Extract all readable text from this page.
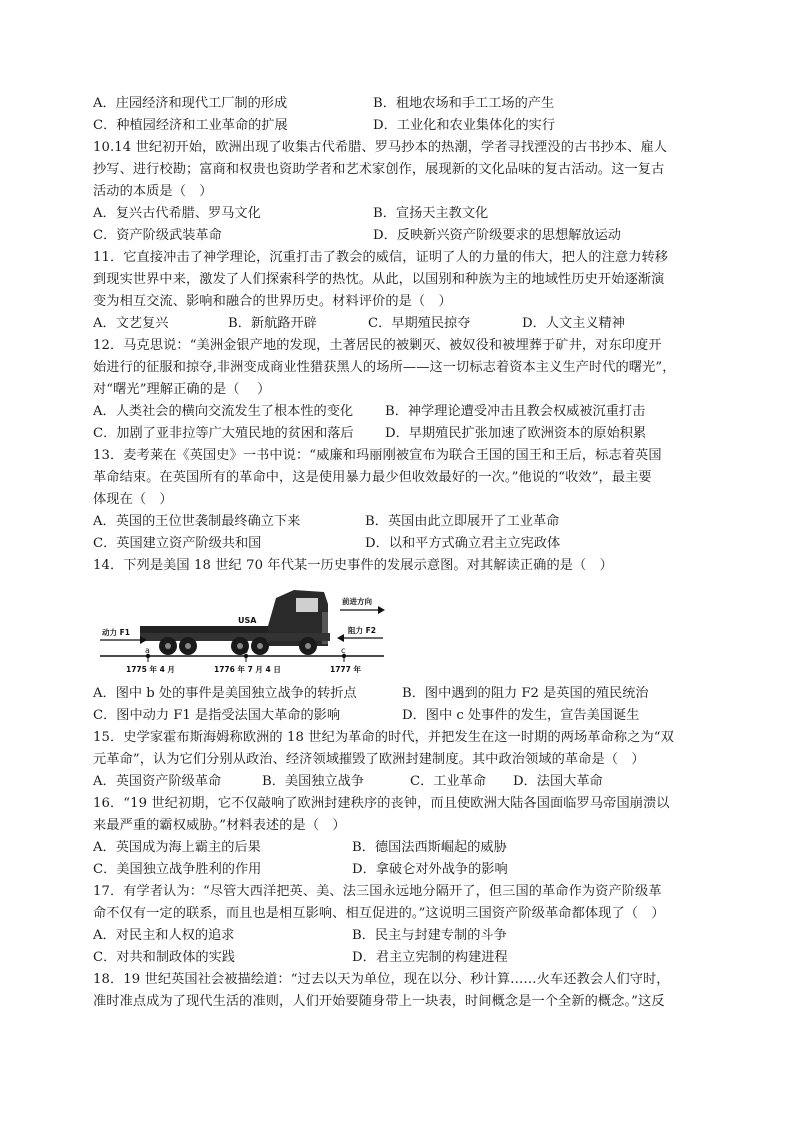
A．庄园经济和现代工厂制的形成	B．租地农场和手工工场的产生
C．种植园经济和工业革命的扩展	D．工业化和农业集体化的实行
10.14 世纪初开始，欧洲出现了收集古代希腊、罗马抄本的热潮，学者寻找湮没的古书抄本、雇人
抄写、进行校勘；富商和权贵也资助学者和艺术家创作，展现新的文化品味的复古活动。这一复古
活动的本质是（　）
A．复兴古代希腊、罗马文化	B．宣扬天主教文化
C．资产阶级武装革命	D．反映新兴资产阶级要求的思想解放运动
11．它直接冲击了神学理论，沉重打击了教会的威信，证明了人的力量的伟大，把人的注意力转移
到现实世界中来，激发了人们探索科学的热忱。从此，以国别和种族为主的地域性历史开始逐渐演
变为相互交流、影响和融合的世界历史。材料评价的是（　）
A．文艺复兴	B．新航路开辟	C．早期殖民掠夺	D．人文主义精神
12．马克思说：“美洲金银产地的发现，土著居民的被剿灭、被奴役和被埋葬于矿井，对东印度开
始进行的征服和掠夺,非洲变成商业性猎获黑人的场所——这一切标志着资本主义生产时代的曙光”，
对“曙光”理解正确的是（　 ）
A．人类社会的横向交流发生了根本性的变化 B．神学理论遭受冲击且教会权威被沉重打击
C．加剧了亚非拉等广大殖民地的贫困和落后 D．早期殖民扩张加速了欧洲资本的原始积累
13．麦考莱在《英国史》一书中说：“威廉和玛丽刚被宣布为联合王国的国王和王后，标志着英国
革命结束。在英国所有的革命中，这是使用暴力最少但收效最好的一次。”他说的“收效”，最主要
体现在（　）
A．英国的王位世袭制最终确立下来	B．英国由此立即展开了工业革命
C．英国建立资产阶级共和国	D．以和平方式确立君主立宪政体
14．下列是美国 18 世纪 70 年代某一历史事件的发展示意图。对其解读正确的是（　）
USA
前进方向
动力 F1	阻力 F2
a	b	c
1775 年 4 月	1776 年 7 月 4 日	1777 年
A．图中 b 处的事件是美国独立战争的转折点	B．图中遇到的阻力 F2 是英国的殖民统治
C．图中动力 F1 是指受法国大革命的影响	D．图中 c 处事件的发生，宣告美国诞生
15．史学家霍布斯海姆称欧洲的 18 世纪为革命的时代，并把发生在这一时期的两场革命称之为“双
元革命”，认为它们分别从政治、经济领域摧毁了欧洲封建制度。其中政治领域的革命是（　）
A．英国资产阶级革命	B．美国独立战争	C．工业革命 D．法国大革命
16．“19 世纪初期，它不仅敲响了欧洲封建秩序的丧钟，而且使欧洲大陆各国面临罗马帝国崩溃以
来最严重的霸权威胁。”材料表述的是（　）
A．英国成为海上霸主的后果	B．德国法西斯崛起的威胁
C．美国独立战争胜利的作用	D．拿破仑对外战争的影响
17．有学者认为：“尽管大西洋把英、美、法三国永远地分隔开了，但三国的革命作为资产阶级革
命不仅有一定的联系，而且也是相互影响、相互促进的。”这说明三国资产阶级革命都体现了（　）
A．对民主和人权的追求	B．民主与封建专制的斗争
C．对共和制政体的实践	D．君主立宪制的构建进程
18．19 世纪英国社会被描绘道：“过去以天为单位，现在以分、秒计算……火车还教会人们守时，
准时准点成为了现代生活的准则，人们开始要随身带上一块表，时间概念是一个全新的概念。”这反
